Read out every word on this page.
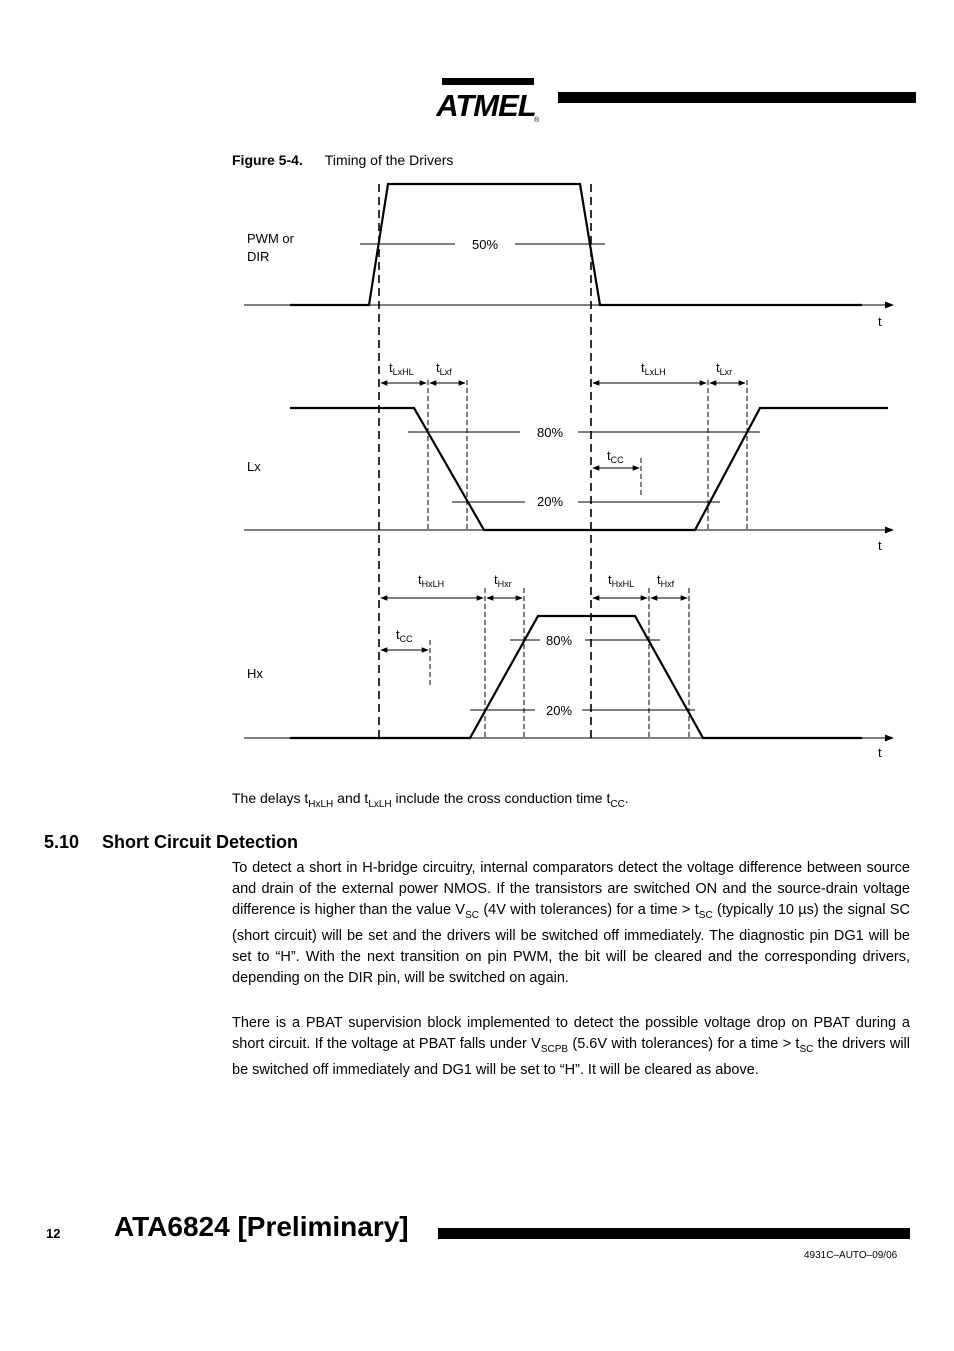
ATMEL
®
Figure 5-4. Timing of the Drivers
50%
PWM or
DIR
t
80%
20%
$t_{LxHL}$ $t_{Lxf}$	$t_{LxLH}$	$t_{Lxr}$
$t_{CC}$
Lx
t
80%
20%
$t_{HxLH}$	$t_{Hxr}$	$t_{HxHL}$ $t_{Hxf}$
$t_{CC}$
Hx
t
The delays $t_{HxLH}$ and $t_{LxLH}$ include the cross conduction time $t_{CC}$.
5.10 Short Circuit Detection
To detect a short in H-bridge circuitry, internal comparators detect the voltage difference between source and drain of the external power NMOS. If the transistors are switched ON and the source-drain voltage difference is higher than the value $V_{SC}$ (4V with tolerances) for a time > $t_{SC}$ (typically 10 µs) the signal SC (short circuit) will be set and the drivers will be switched off immediately. The diagnostic pin DG1 will be set to “H”. With the next transition on pin PWM, the bit will be cleared and the corresponding drivers, depending on the DIR pin, will be switched on again.
There is a PBAT supervision block implemented to detect the possible voltage drop on PBAT during a short circuit. If the voltage at PBAT falls under $V_{SCPB}$ (5.6V with tolerances) for a time > $t_{SC}$ the drivers will be switched off immediately and DG1 will be set to “H”. It will be cleared as above.
12 ATA6824 [Preliminary]
4931C–AUTO–09/06
